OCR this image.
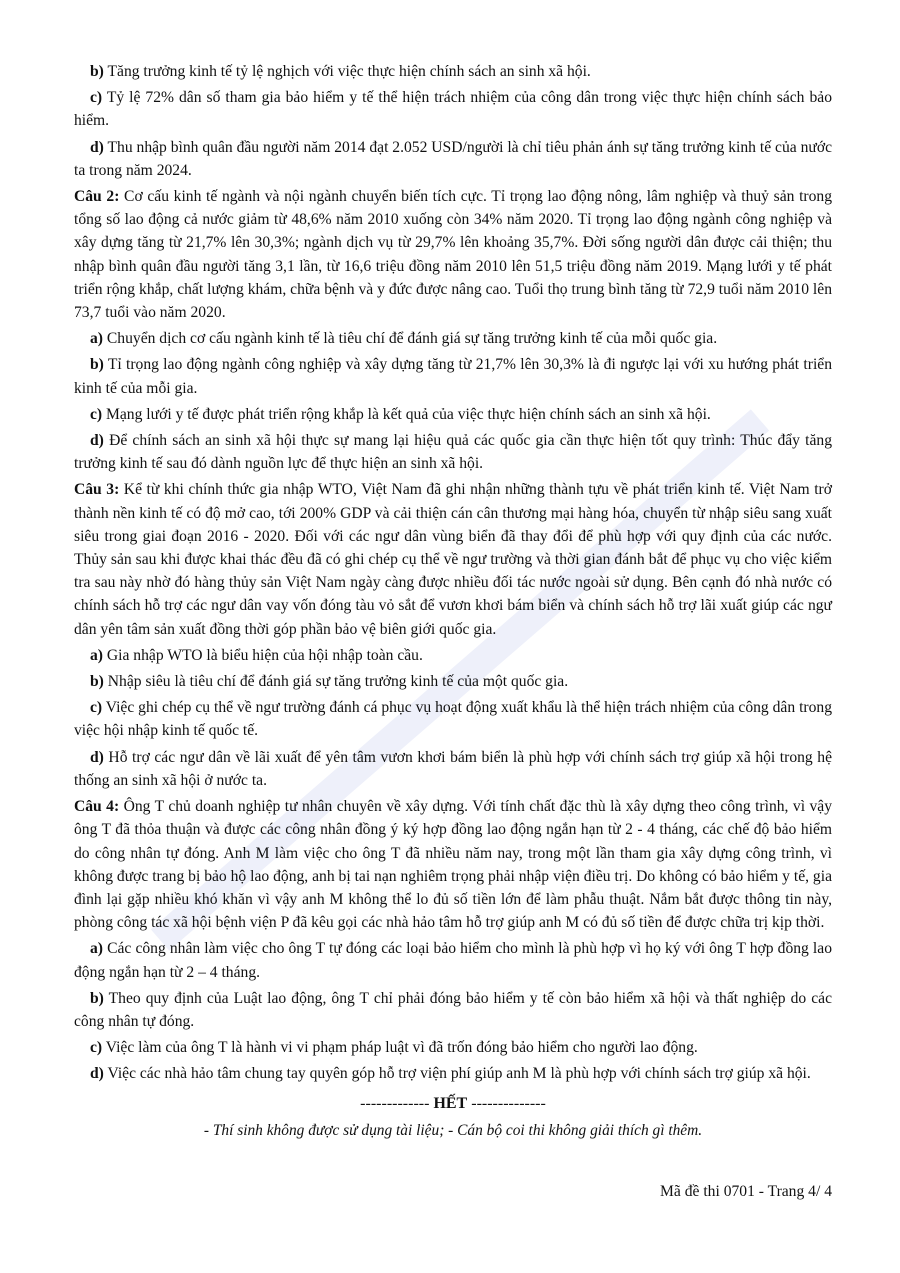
b) Tăng trưởng kinh tế tỷ lệ nghịch với việc thực hiện chính sách an sinh xã hội.

c) Tỷ lệ 72% dân số tham gia bảo hiểm y tế thể hiện trách nhiệm của công dân trong việc thực hiện chính sách bảo hiểm.

d) Thu nhập bình quân đầu người năm 2014 đạt 2.052 USD/người là chỉ tiêu phản ánh sự tăng trưởng kinh tế của nước ta trong năm 2024.

Câu 2: Cơ cấu kinh tế ngành và nội ngành chuyển biến tích cực. Tỉ trọng lao động nông, lâm nghiệp và thuỷ sản trong tổng số lao động cả nước giảm từ 48,6% năm 2010 xuống còn 34% năm 2020. Tỉ trọng lao động ngành công nghiệp và xây dựng tăng từ 21,7% lên 30,3%; ngành dịch vụ từ 29,7% lên khoảng 35,7%. Đời sống người dân được cải thiện; thu nhập bình quân đầu người tăng 3,1 lần, từ 16,6 triệu đồng năm 2010 lên 51,5 triệu đồng năm 2019. Mạng lưới y tế phát triển rộng khắp, chất lượng khám, chữa bệnh và y đức được nâng cao. Tuổi thọ trung bình tăng từ 72,9 tuổi năm 2010 lên 73,7 tuổi vào năm 2020.

a) Chuyển dịch cơ cấu ngành kinh tế là tiêu chí để đánh giá sự tăng trưởng kinh tế của mỗi quốc gia.

b) Tỉ trọng lao động ngành công nghiệp và xây dựng tăng từ 21,7% lên 30,3% là đi ngược lại với xu hướng phát triển kinh tế của mỗi gia.

c) Mạng lưới y tế được phát triển rộng khắp là kết quả của việc thực hiện chính sách an sinh xã hội.

d) Để chính sách an sinh xã hội thực sự mang lại hiệu quả các quốc gia cần thực hiện tốt quy trình: Thúc đẩy tăng trưởng kinh tế sau đó dành nguồn lực để thực hiện an sinh xã hội.

Câu 3: Kể từ khi chính thức gia nhập WTO, Việt Nam đã ghi nhận những thành tựu về phát triển kinh tế. Việt Nam trở thành nền kinh tế có độ mở cao, tới 200% GDP và cải thiện cán cân thương mại hàng hóa, chuyển từ nhập siêu sang xuất siêu trong giai đoạn 2016 - 2020. Đối với các ngư dân vùng biển đã thay đổi để phù hợp với quy định của các nước. Thủy sản sau khi được khai thác đều đã có ghi chép cụ thể về ngư trường và thời gian đánh bắt để phục vụ cho việc kiểm tra sau này nhờ đó hàng thủy sản Việt Nam ngày càng được nhiều đối tác nước ngoài sử dụng. Bên cạnh đó nhà nước có chính sách hỗ trợ các ngư dân vay vốn đóng tàu vỏ sắt để vươn khơi bám biển và chính sách hỗ trợ lãi xuất giúp các ngư dân yên tâm sản xuất đồng thời góp phần bảo vệ biên giới quốc gia.

a) Gia nhập WTO là biểu hiện của hội nhập toàn cầu.

b) Nhập siêu là tiêu chí để đánh giá sự tăng trưởng kinh tế của một quốc gia.

c) Việc ghi chép cụ thể về ngư trường đánh cá phục vụ hoạt động xuất khẩu là thể hiện trách nhiệm của công dân trong việc hội nhập kinh tế quốc tế.

d) Hỗ trợ các ngư dân về lãi xuất để yên tâm vươn khơi bám biển là phù hợp với chính sách trợ giúp xã hội trong hệ thống an sinh xã hội ở nước ta.

Câu 4: Ông T chủ doanh nghiệp tư nhân chuyên về xây dựng. Với tính chất đặc thù là xây dựng theo công trình, vì vậy ông T đã thỏa thuận và được các công nhân đồng ý ký hợp đồng lao động ngắn hạn từ 2 - 4 tháng, các chế độ bảo hiểm do công nhân tự đóng. Anh M làm việc cho ông T đã nhiều năm nay, trong một lần tham gia xây dựng công trình, vì không được trang bị bảo hộ lao động, anh bị tai nạn nghiêm trọng phải nhập viện điều trị. Do không có bảo hiểm y tế, gia đình lại gặp nhiều khó khăn vì vậy anh M không thể lo đủ số tiền lớn để làm phẫu thuật. Nắm bắt được thông tin này, phòng công tác xã hội bệnh viện P đã kêu gọi các nhà hảo tâm hỗ trợ giúp anh M có đủ số tiền để được chữa trị kịp thời.

a) Các công nhân làm việc cho ông T tự đóng các loại bảo hiểm cho mình là phù hợp vì họ ký với ông T hợp đồng lao động ngắn hạn từ 2 – 4 tháng.

b) Theo quy định của Luật lao động, ông T chỉ phải đóng bảo hiểm y tế còn bảo hiểm xã hội và thất nghiệp do các công nhân tự đóng.

c) Việc làm của ông T là hành vi vi phạm pháp luật vì đã trốn đóng bảo hiểm cho người lao động.

d) Việc các nhà hảo tâm chung tay quyên góp hỗ trợ viện phí giúp anh M là phù hợp với chính sách trợ giúp xã hội.

------------- HẾT --------------
- Thí sinh không được sử dụng tài liệu; - Cán bộ coi thi không giải thích gì thêm.
Mã đề thi 0701 - Trang 4/ 4
